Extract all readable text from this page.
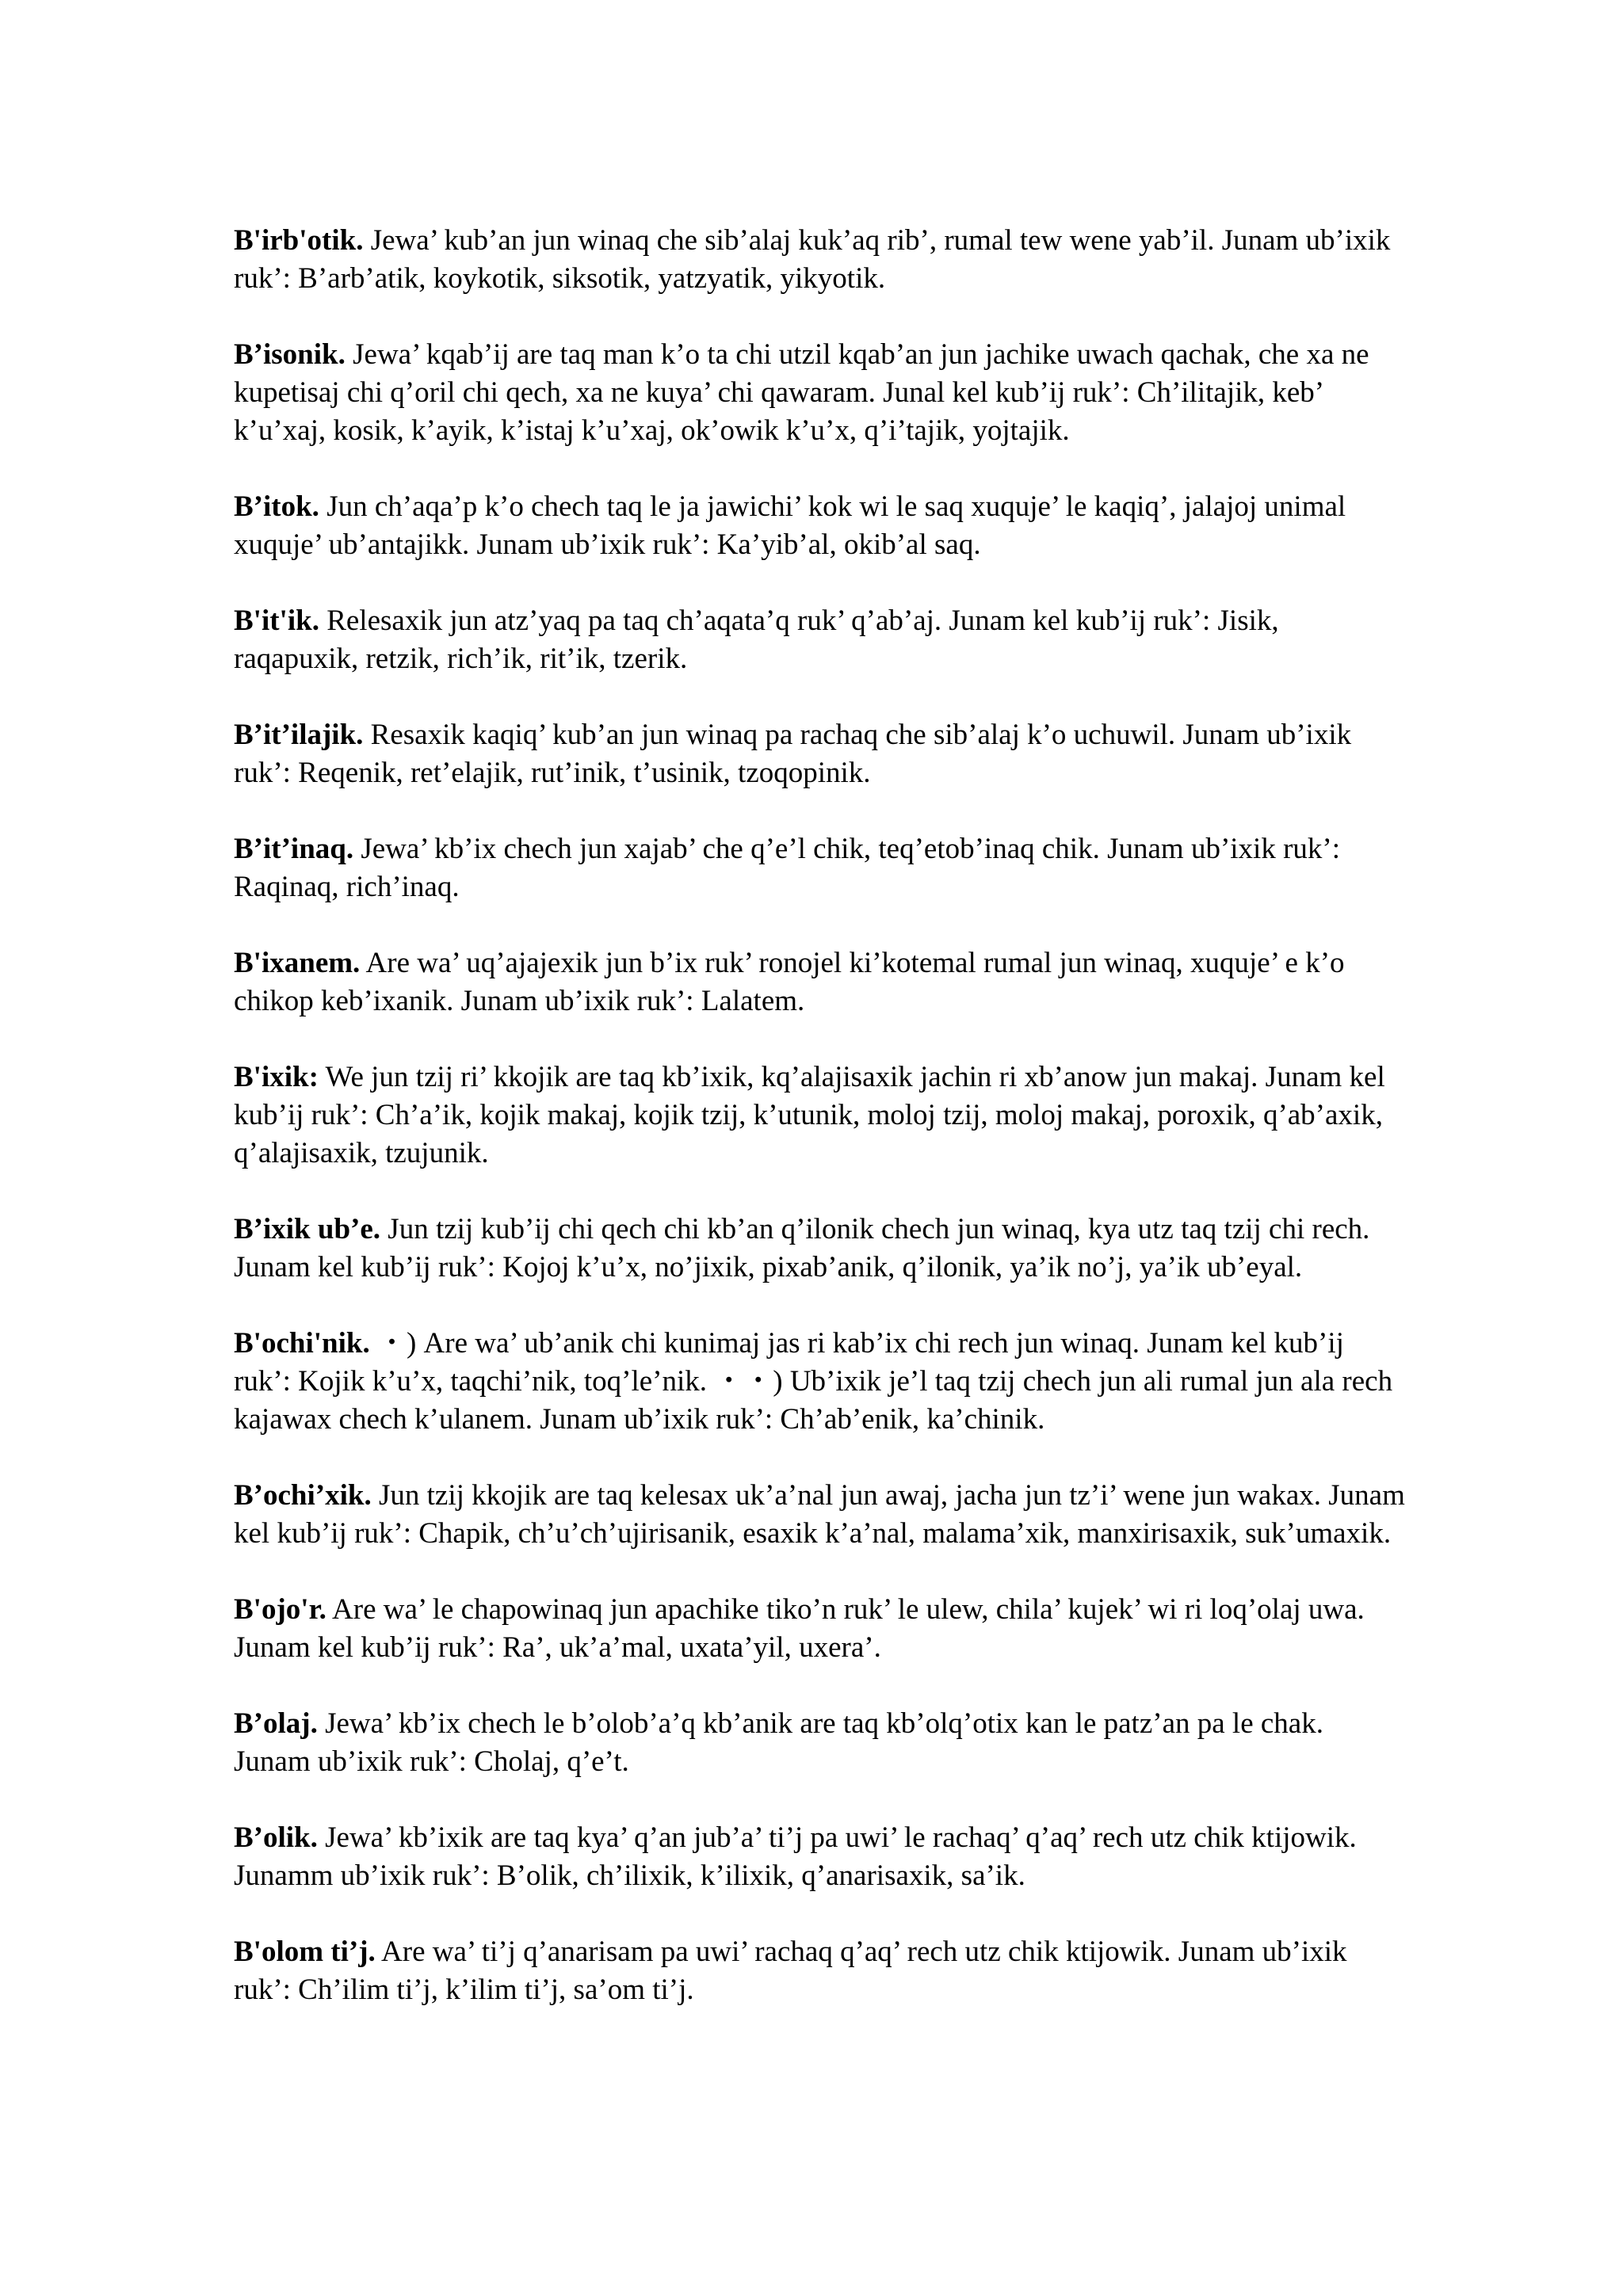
B'irb'otik. Jewa’ kub’an jun winaq che sib’alaj kuk’aq rib’, rumal tew wene yab’il. Junam ub’ixik ruk’: B’arb’atik, koykotik, siksotik, yatzyatik, yikyotik.

B’isonik. Jewa’ kqab’ij are taq man k’o ta chi utzil kqab’an jun jachike uwach qachak, che xa ne kupetisaj chi q’oril chi qech, xa ne kuya’ chi qawaram. Junal kel kub’ij ruk’: Ch’ilitajik, keb’ k’u’xaj, kosik, k’ayik, k’istaj k’u’xaj, ok’owik k’u’x, q’i’tajik, yojtajik.

B’itok. Jun ch’aqa’p k’o chech taq le ja jawichi’ kok wi le saq xuquje’ le kaqiq’, jalajoj unimal xuquje’ ub’antajikk. Junam ub’ixik ruk’: Ka’yib’al, okib’al saq.

B'it'ik. Relesaxik jun atz’yaq pa taq ch’aqata’q ruk’ q’ab’aj. Junam kel kub’ij ruk’: Jisik, raqapuxik, retzik, rich’ik, rit’ik, tzerik.

B’it’ilajik. Resaxik kaqiq’ kub’an jun winaq pa rachaq che sib’alaj k’o uchuwil. Junam ub’ixik ruk’: Reqenik, ret’elajik, rut’inik, t’usinik, tzoqopinik.

B’it’inaq. Jewa’ kb’ix chech jun xajab’ che q’e’l chik, teq’etob’inaq chik. Junam ub’ixik ruk’: Raqinaq, rich’inaq.

B'ixanem. Are wa’ uq’ajajexik jun b’ix ruk’ ronojel ki’kotemal rumal jun winaq, xuquje’ e k’o chikop keb’ixanik. Junam ub’ixik ruk’: Lalatem.

B'ixik: We jun tzij ri’ kkojik are taq kb’ixik, kq’alajisaxik jachin ri xb’anow jun makaj. Junam kel kub’ij ruk’: Ch’a’ik, kojik makaj, kojik tzij, k’utunik, moloj tzij, moloj makaj, poroxik, q’ab’axik, q’alajisaxik, tzujunik.

B’ixik ub’e. Jun tzij kub’ij chi qech chi kb’an q’ilonik chech jun winaq, kya utz taq tzij chi rech. Junam kel kub’ij ruk’: Kojoj k’u’x, no’jixik, pixab’anik, q’ilonik, ya’ik no’j, ya’ik ub’eyal.

B'ochi'nik. ・) Are wa’ ub’anik chi kunimaj jas ri kab’ix chi rech jun winaq. Junam kel kub’ij ruk’: Kojik k’u’x, taqchi’nik, toq’le’nik. ・・) Ub’ixik je’l taq tzij chech jun ali rumal jun ala rech kajawax chech k’ulanem. Junam ub’ixik ruk’: Ch’ab’enik, ka’chinik.

B’ochi’xik. Jun tzij kkojik are taq kelesax uk’a’nal jun awaj, jacha jun tz’i’ wene jun wakax. Junam kel kub’ij ruk’: Chapik, ch’u’ch’ujirisanik, esaxik k’a’nal, malama’xik, manxirisaxik, suk’umaxik.

B'ojo'r. Are wa’ le chapowinaq jun apachike tiko’n ruk’ le ulew, chila’ kujek’ wi ri loq’olaj uwa. Junam kel kub’ij ruk’: Ra’, uk’a’mal, uxata’yil, uxera’.

B’olaj. Jewa’ kb’ix chech le b’olob’a’q kb’anik are taq kb’olq’otix kan le patz’an pa le chak. Junam ub’ixik ruk’: Cholaj, q’e’t.

B’olik. Jewa’ kb’ixik are taq kya’ q’an jub’a’ ti’j pa uwi’ le rachaq’ q’aq’ rech utz chik ktijowik. Junamm ub’ixik ruk’: B’olik, ch’ilixik, k’ilixik, q’anarisaxik, sa’ik.

B'olom ti’j. Are wa’ ti’j q’anarisam pa uwi’ rachaq q’aq’ rech utz chik ktijowik. Junam ub’ixik ruk’: Ch’ilim ti’j, k’ilim ti’j, sa’om ti’j.
